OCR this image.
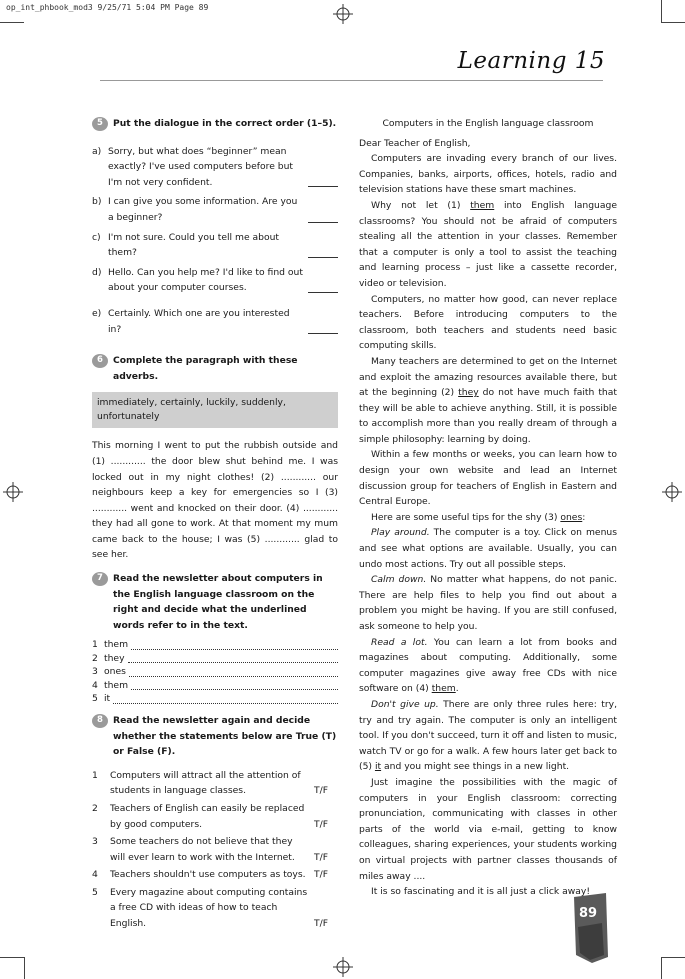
op_int_phbook_mod3 9/25/71 5:04 PM Page 89
Learning 15
5	Put the dialogue in the correct order (1–5).
a) Sorry, but what does “beginner” mean exactly? I've used computers before but I'm not very confident.
b) I can give you some information. Are you a beginner?
c) I'm not sure. Could you tell me about them?
d) Hello. Can you help me? I'd like to find out about your computer courses.
e) Certainly. Which one are you interested in?
6	Complete the paragraph with these adverbs.
immediately, certainly, luckily, suddenly, unfortunately

This morning I went to put the rubbish outside and (1) ............ the door blew shut behind me. I was locked out in my night clothes! (2) ............ our neighbours keep a key for emergencies so I (3) ............ went and knocked on their door. (4) ............ they had all gone to work. At that moment my mum came back to the house; I was (5) ............ glad to see her.

7	Read the newsletter about computers in the English language classroom on the right and decide what the underlined words refer to in the text.
1 them
2 they
3 ones
4 them
5 it
8	Read the newsletter again and decide whether the statements below are True (T) or False (F).
1	Computers will attract all the attention of students in language classes.	T/F
2	Teachers of English can easily be replaced by good computers.	T/F
3	Some teachers do not believe that they will ever learn to work with the Internet.	T/F
4	Teachers shouldn't use computers as toys. T/F
5	Every magazine about computing contains a free CD with ideas of how to teach English.	T/F
Computers in the English language classroom

Dear Teacher of English,

Computers are invading every branch of our lives. Companies, banks, airports, offices, hotels, radio and television stations have these smart machines.

Why not let (1) them into English language classrooms? You should not be afraid of computers stealing all the attention in your classes. Remember that a computer is only a tool to assist the teaching and learning process – just like a cassette recorder, video or television.

Computers, no matter how good, can never replace teachers. Before introducing computers to the classroom, both teachers and students need basic computing skills.

Many teachers are determined to get on the Internet and exploit the amazing resources available there, but at the beginning (2) they do not have much faith that they will be able to achieve anything. Still, it is possible to accomplish more than you really dream of through a simple philosophy: learning by doing.

Within a few months or weeks, you can learn how to design your own website and lead an Internet discussion group for teachers of English in Eastern and Central Europe.

Here are some useful tips for the shy (3) ones:

Play around. The computer is a toy. Click on menus and see what options are available. Usually, you can undo most actions. Try out all possible steps.

Calm down. No matter what happens, do not panic. There are help files to help you find out about a problem you might be having. If you are still confused, ask someone to help you.

Read a lot. You can learn a lot from books and magazines about computing. Additionally, some computer magazines give away free CDs with nice software on (4) them.

Don't give up. There are only three rules here: try, try and try again. The computer is only an intelligent tool. If you don't succeed, turn it off and listen to music, watch TV or go for a walk. A few hours later get back to (5) it and you might see things in a new light.

Just imagine the possibilities with the magic of computers in your English classroom: correcting pronunciation, communicating with classes in other parts of the world via e-mail, getting to know colleagues, sharing experiences, your students working on virtual projects with partner classes thousands of miles away ....

It is so fascinating and it is all just a click away!

89
